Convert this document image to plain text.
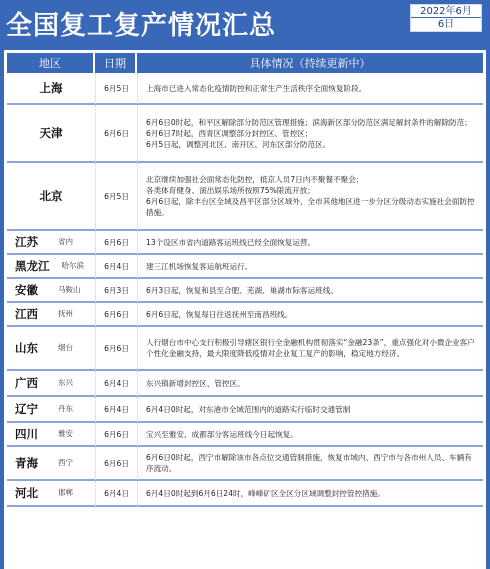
全国复工复产情况汇总	2022年6月
6日
地区	日期	具体情况（持续更新中）

上海	6月5日	上海市已进入常态化疫情防控和正常生产生活秩序全面恢复阶段。

天津	6月6日	6月6日0时起，和平区解除部分防范区管理措施；滨海新区部分防范区满足解封条件的解除防范；
6月6日7时起，西青区调整部分封控区、管控区；
6月5日起，调整河北区、南开区、河东区部分防范区。

北京	6月5日	北京继续加强社会面常态化防控，抵京人员7日内不聚餐不聚会；
各类体育健身、演出娱乐场所按照75%限流开放；
6月6日起，除丰台区全域及昌平区部分区域外，全市其他地区进一步分区分级动态实施社会面防控措施。

江苏 省内	6月6日	13个设区市省内道路客运班线已经全面恢复运营。

黑龙江 哈尔滨	6月4日	建三江机场恢复客运航班运行。

安徽 马鞍山	6月3日	6月3日起，恢复和县至合肥、芜湖、巢湖市际客运班线。

江西 抚州	6月6日	6月6日起，恢复每日往返抚州至南昌班线。

山东 烟台	6月6日	人行烟台市中心支行积极引导辖区银行全金融机构贯彻落实“金融23条”，重点强化对小微企业客户个性化金融支持，最大限度降低疫情对企业复工复产的影响，稳定地方经济。

广西 东兴	6月4日	东兴镇新增封控区、管控区。

辽宁 丹东	6月4日	6月4日0时起，对东港市全域范围内的道路实行临时交通管制

四川 雅安	6月6日	宝兴至雅安、成都部分客运班线今日起恢复。

青海 西宁	6月6日	6月6日0时起，西宁市解除该市各点位交通管制措施，恢复市域内、西宁市与各市州人员、车辆有序流动。

河北 邯郸	6月4日	6月4日0时起到6月6日24时，峰峰矿区全区分区域调整封控管控措施。
